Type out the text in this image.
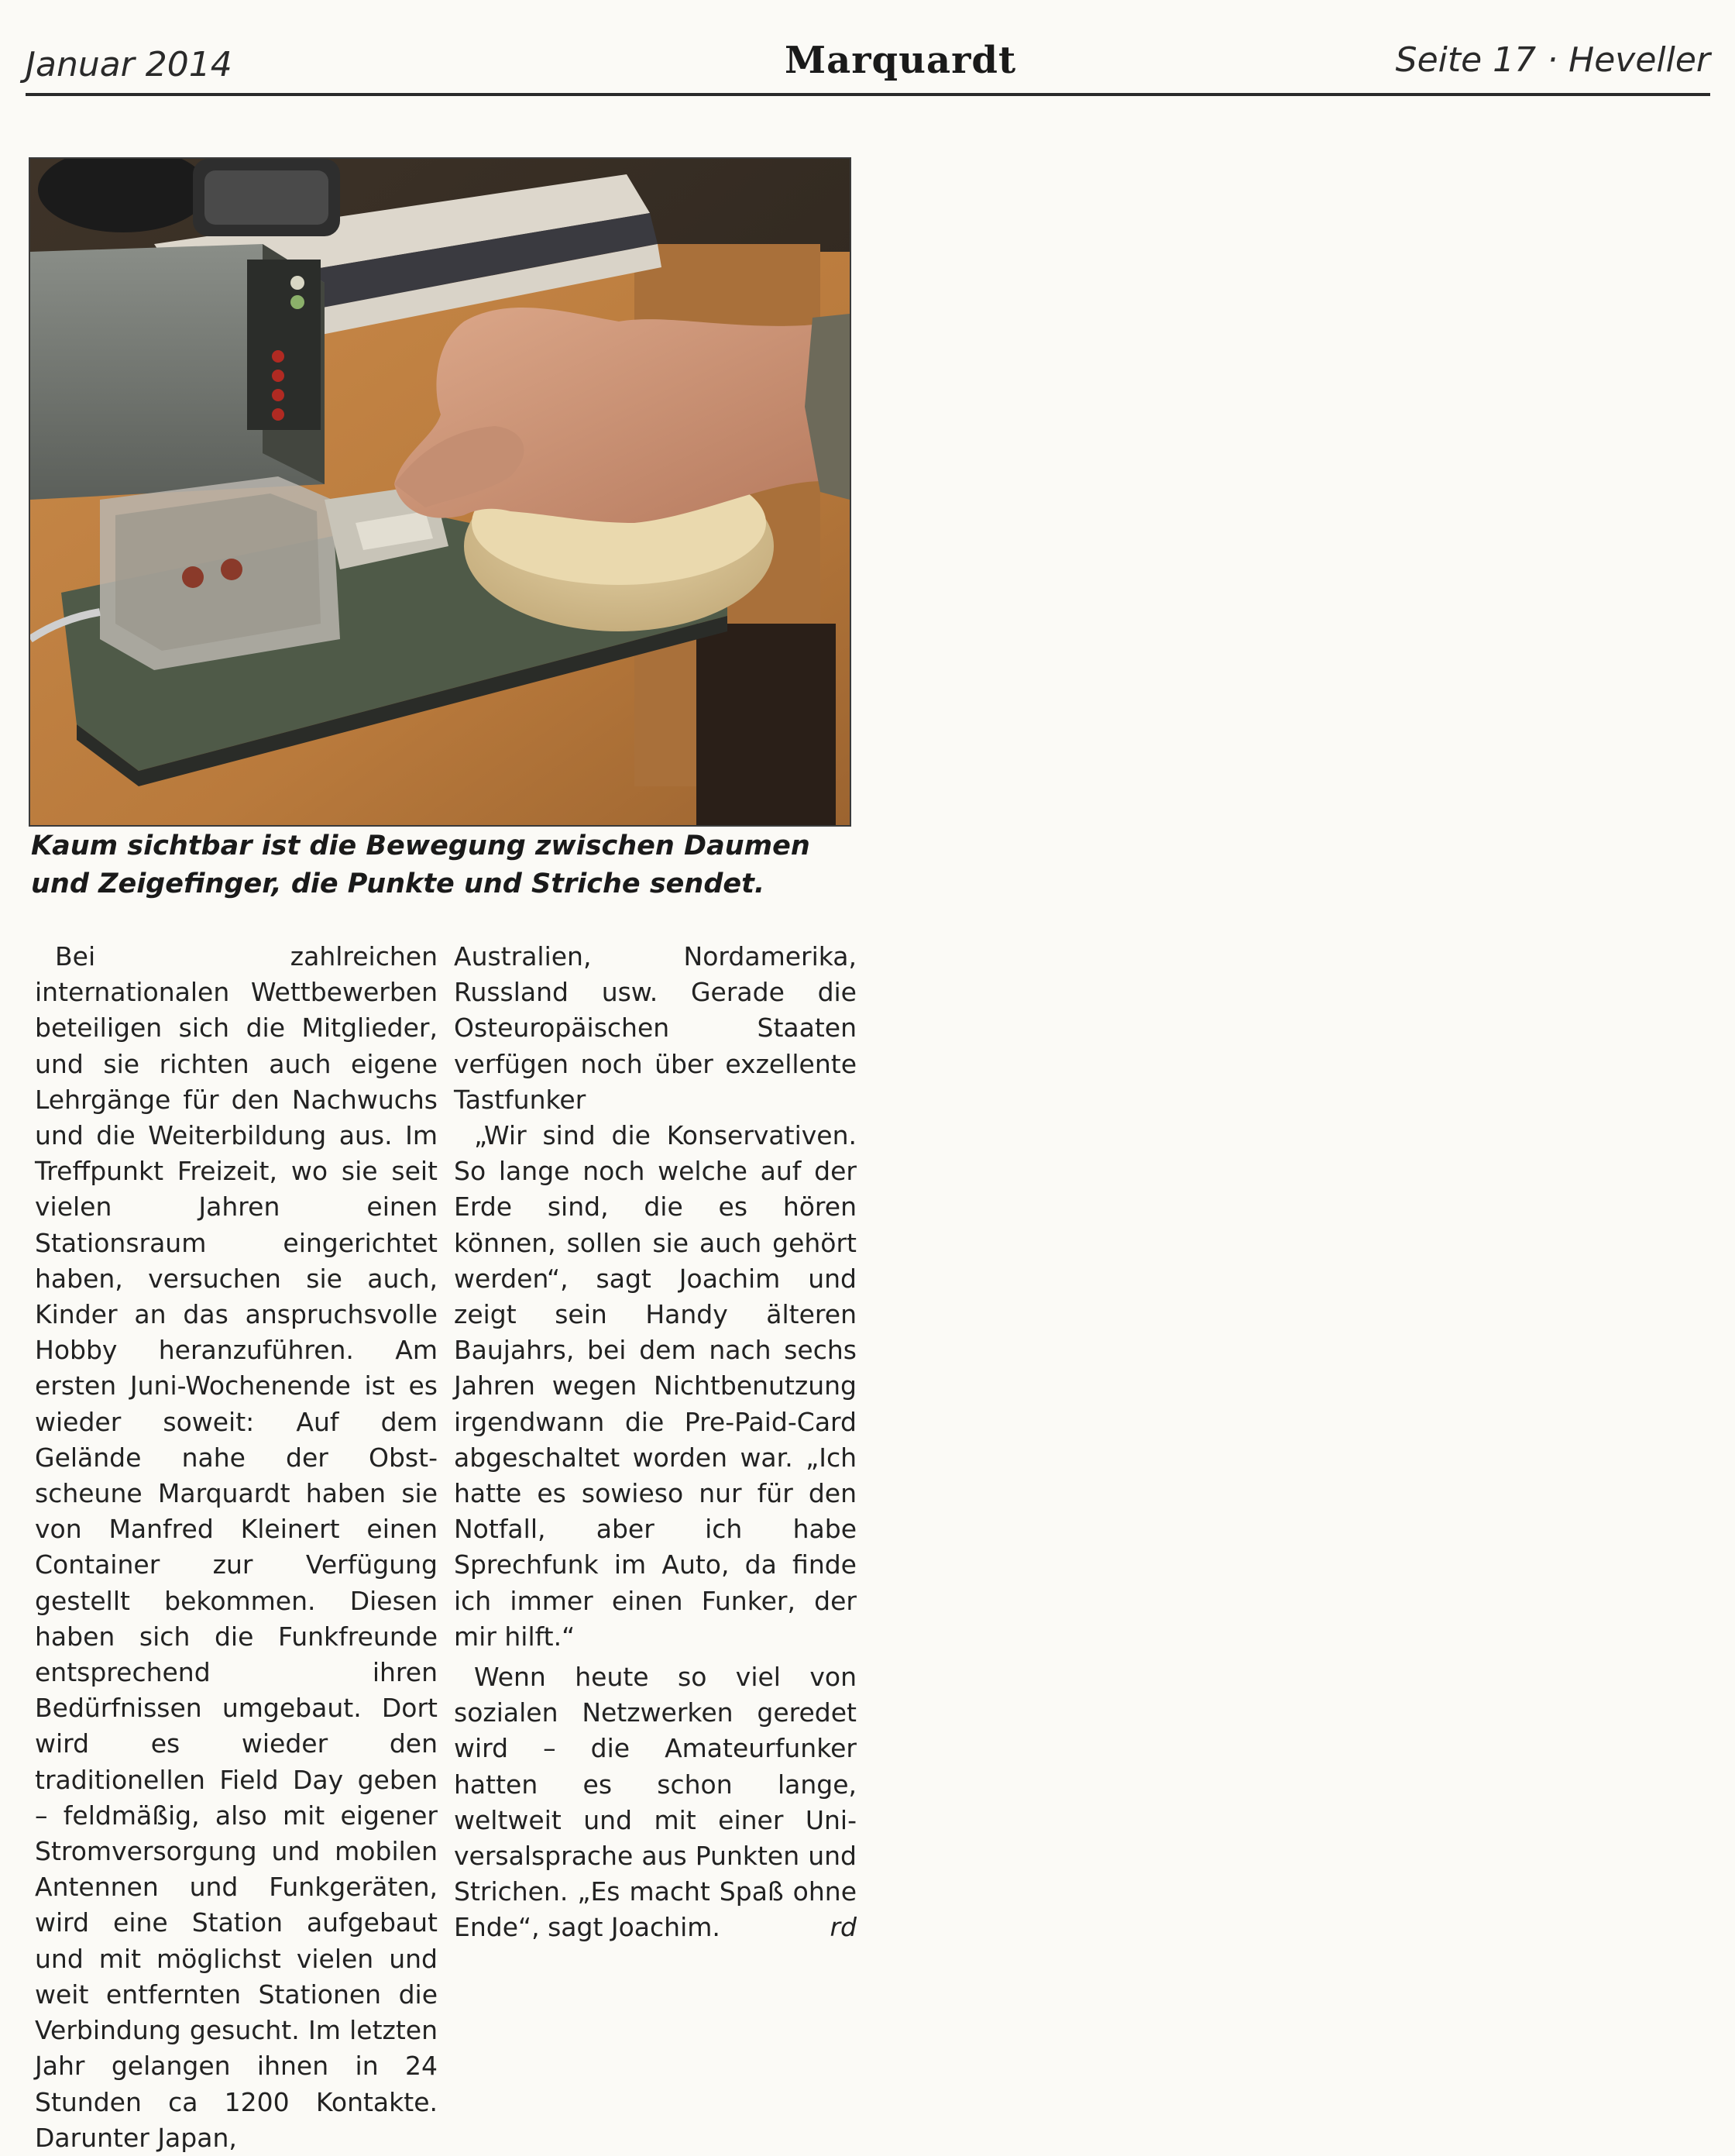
Januar 2014	Marquardt	Seite 17 · Heveller
Kaum sichtbar ist die Bewegung zwischen Daumen und Zeigefinger, die Punkte und Striche sendet.

Bei zahlreichen internationalen Wettbewerben beteiligen sich die Mitglieder, und sie richten auch eigene Lehrgänge für den Nachwuchs und die Weiterbildung aus. Im Treffpunkt Freizeit, wo sie seit vielen Jahren einen Stationsraum eingerichtet haben, versuchen sie auch, Kinder an das anspruchsvolle Hobby heranzuführen. Am ersten Juni-Wochenende ist es wieder soweit: Auf dem Gelände nahe der Obstscheune Marquardt haben sie von Manfred Kleinert einen Container zur Verfügung gestellt bekommen. Diesen haben sich die Funkfreunde entsprechend ihren Bedürfnissen umgebaut. Dort wird es wieder den traditionellen Field Day geben – feldmäßig, also mit eigener Stromversorgung und mobilen Antennen und Funkgeräten, wird eine Station aufgebaut und mit möglichst vielen und weit entfernten Stationen die Verbindung gesucht. Im letzten Jahr gelangen ihnen in 24 Stunden ca 1200 Kontakte. Darunter Japan,

Australien, Nordamerika, Russland usw. Gerade die Osteuropäischen Staaten verfügen noch über exzellente Tastfunker

„Wir sind die Konservativen. So lange noch welche auf der Erde sind, die es hören können, sollen sie auch gehört werden“, sagt Joachim und zeigt sein Handy älteren Baujahrs, bei dem nach sechs Jahren wegen Nichtbenutzung irgendwann die Pre-Paid-Card abgeschaltet worden war. „Ich hatte es sowieso nur für den Notfall, aber ich habe Sprechfunk im Auto, da finde ich immer einen Funker, der mir hilft.“

Wenn heute so viel von sozialen Netzwerken geredet wird – die Amateurfunker hatten es schon lange, weltweit und mit einer Universalsprache aus Punkten und Strichen. „Es macht Spaß ohne Ende“, sagt Joachim.	rd
